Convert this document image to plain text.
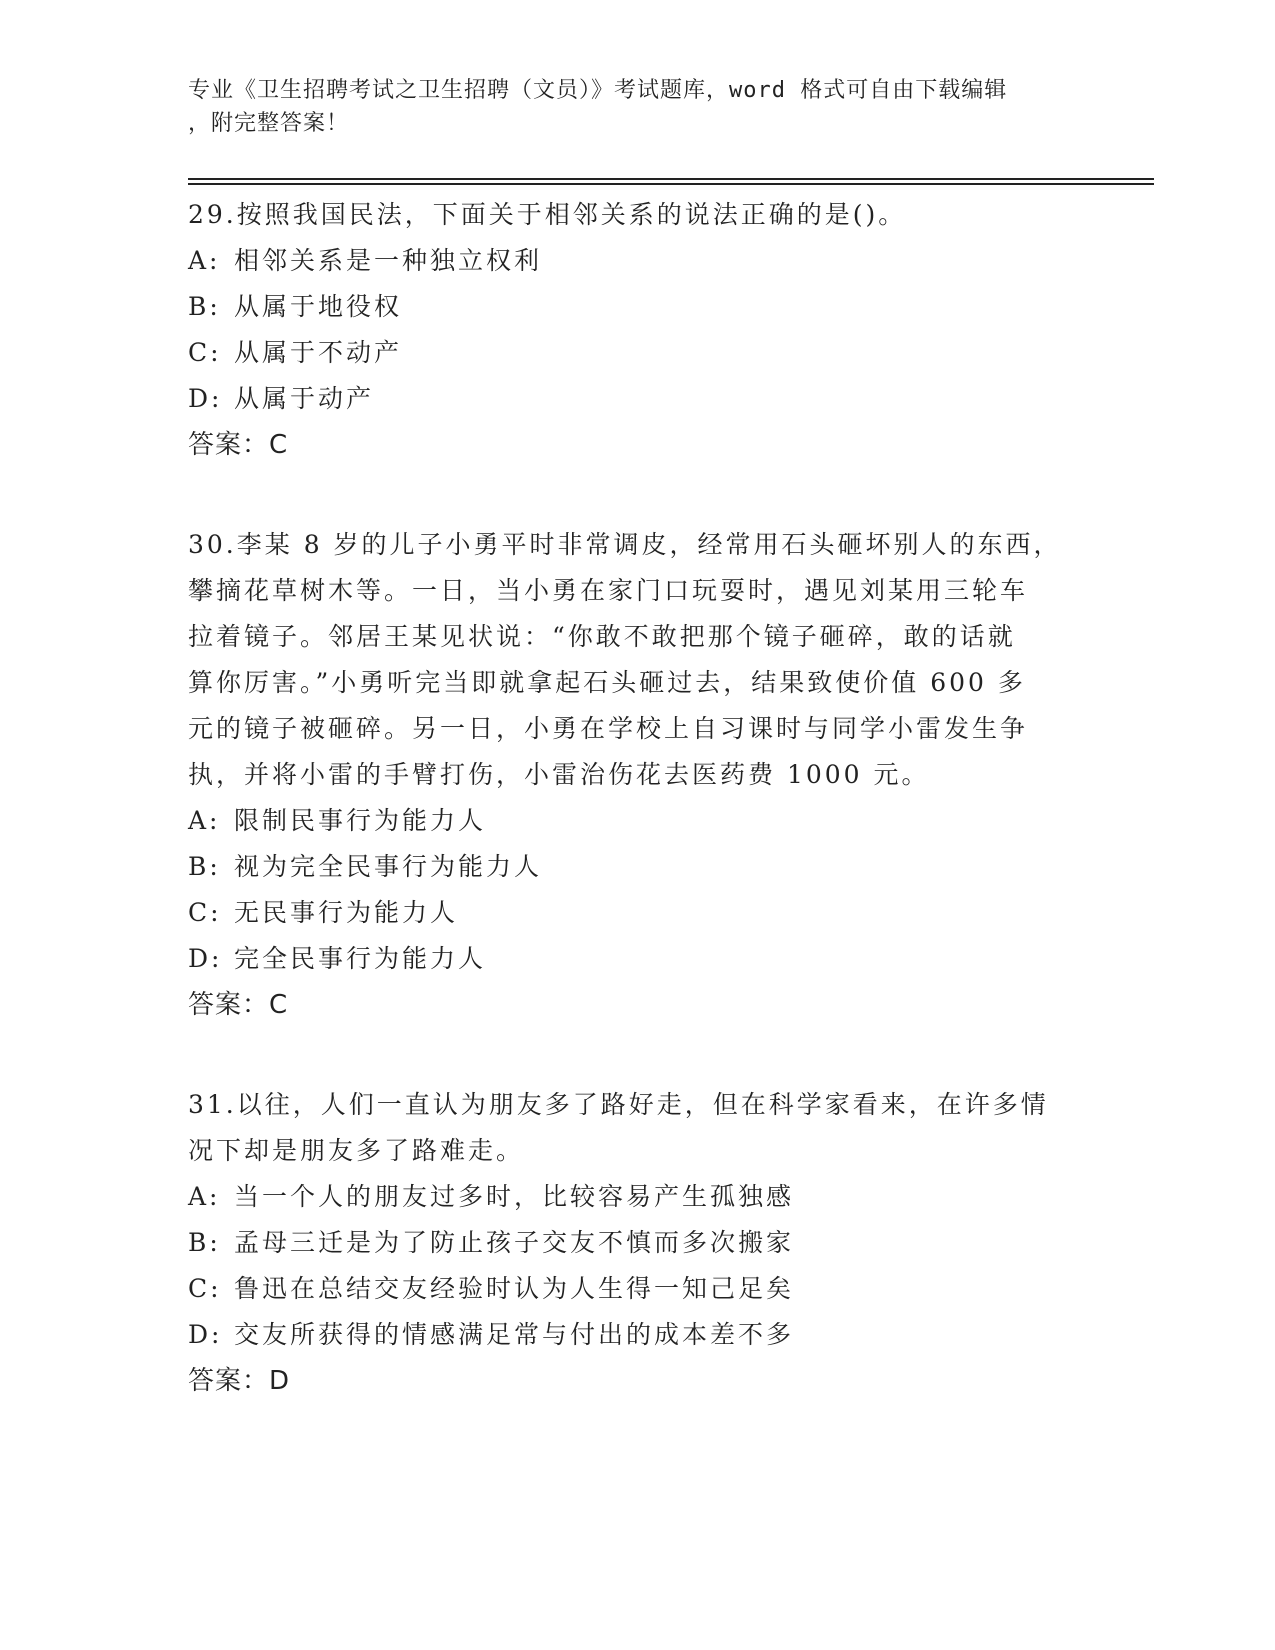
专业《卫生招聘考试之卫生招聘（文员）》考试题库，word 格式可自由下载编辑
，附完整答案！
29.按照我国民法，下面关于相邻关系的说法正确的是()。
A: 相邻关系是一种独立权利
B: 从属于地役权
C: 从属于不动产
D: 从属于动产
答案：C
30.李某 8 岁的儿子小勇平时非常调皮，经常用石头砸坏别人的东西，
攀摘花草树木等。一日，当小勇在家门口玩耍时，遇见刘某用三轮车
拉着镜子。邻居王某见状说：“你敢不敢把那个镜子砸碎，敢的话就
算你厉害。”小勇听完当即就拿起石头砸过去，结果致使价值 600 多
元的镜子被砸碎。另一日，小勇在学校上自习课时与同学小雷发生争
执，并将小雷的手臂打伤，小雷治伤花去医药费 1000 元。
A: 限制民事行为能力人
B: 视为完全民事行为能力人
C: 无民事行为能力人
D: 完全民事行为能力人
答案：C
31.以往，人们一直认为朋友多了路好走，但在科学家看来，在许多情
况下却是朋友多了路难走。
A: 当一个人的朋友过多时，比较容易产生孤独感
B: 孟母三迁是为了防止孩子交友不慎而多次搬家
C: 鲁迅在总结交友经验时认为人生得一知己足矣
D: 交友所获得的情感满足常与付出的成本差不多
答案：D
